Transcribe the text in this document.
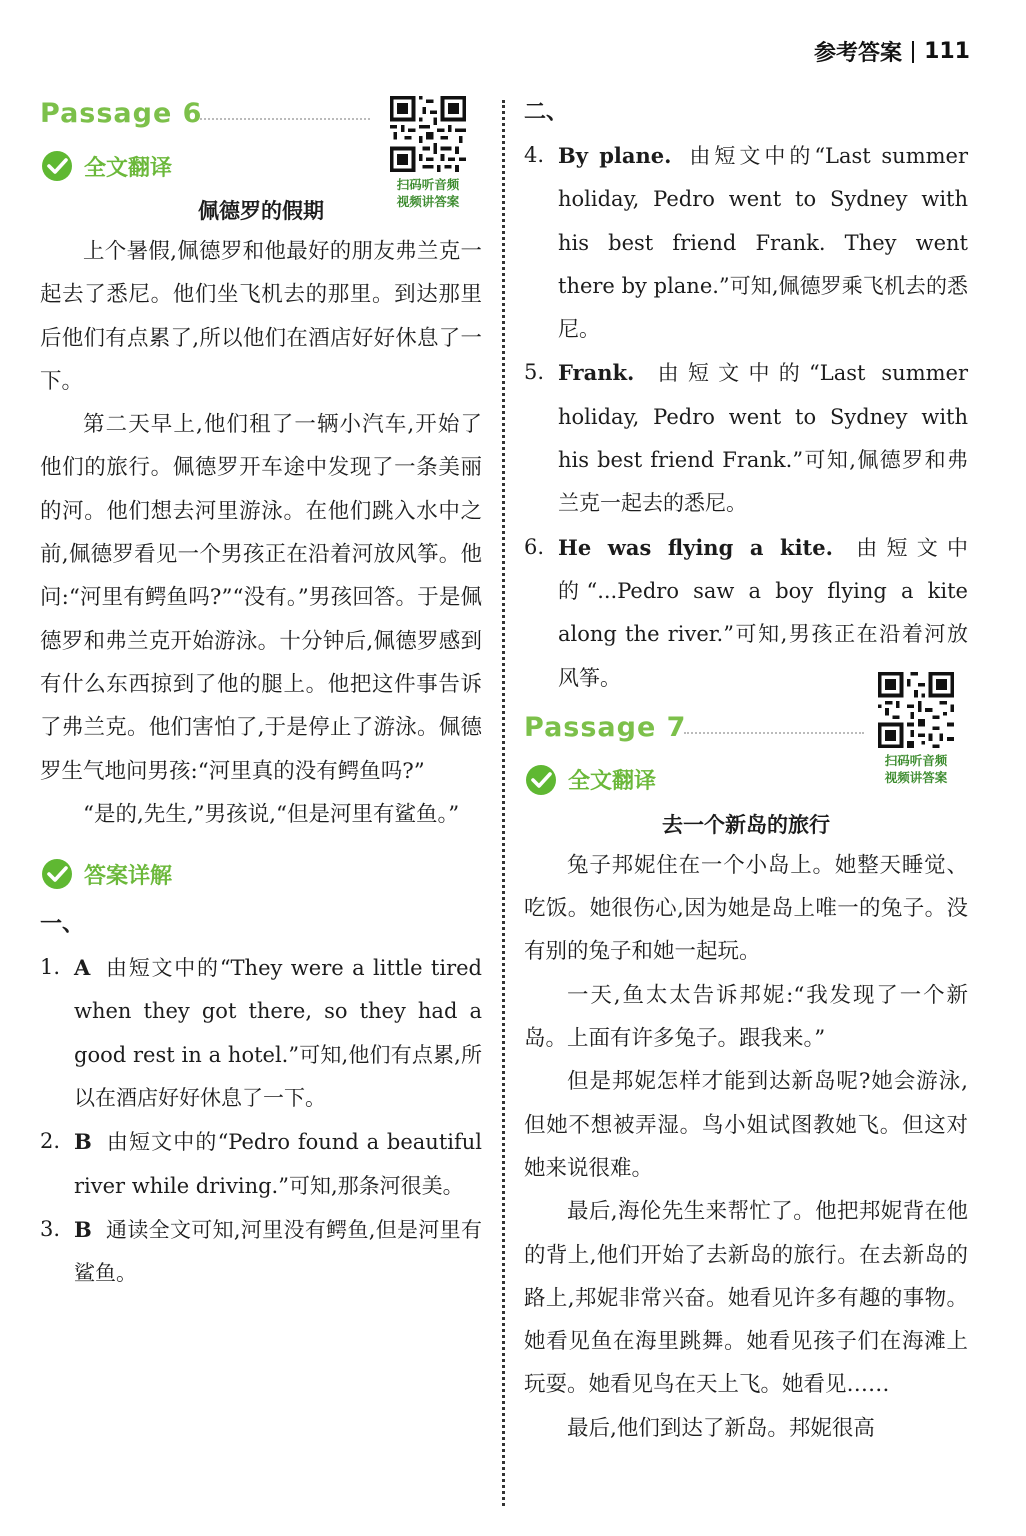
参考答案 111
Passage 6
扫码听音频
视频讲答案
全文翻译
佩德罗的假期

上个暑假,佩德罗和他最好的朋友弗兰克一起去了悉尼。他们坐飞机去的那里。到达那里后他们有点累了,所以他们在酒店好好休息了一下。

第二天早上,他们租了一辆小汽车,开始了他们的旅行。佩德罗开车途中发现了一条美丽的河。他们想去河里游泳。在他们跳入水中之前,佩德罗看见一个男孩正在沿着河放风筝。他问:“河里有鳄鱼吗?”“没有。”男孩回答。于是佩德罗和弗兰克开始游泳。十分钟后,佩德罗感到有什么东西掠到了他的腿上。他把这件事告诉了弗兰克。他们害怕了,于是停止了游泳。佩德罗生气地问男孩:“河里真的没有鳄鱼吗?”

“是的,先生,”男孩说,“但是河里有鲨鱼。”

答案详解
一、
1. A 由短文中的“They were a little tired when they got there, so they had a good rest in a hotel.”可知,他们有点累,所以在酒店好好休息了一下。
2. B 由短文中的“Pedro found a beautiful river while driving.”可知,那条河很美。
3. B 通读全文可知,河里没有鳄鱼,但是河里有鲨鱼。
二、
4. By plane. 由短文中的“Last summer holiday, Pedro went to Sydney with his best friend Frank. They went there by plane.”可知,佩德罗乘飞机去的悉尼。
5. Frank. 由短文中的“Last summer holiday, Pedro went to Sydney with his best friend Frank.”可知,佩德罗和弗兰克一起去的悉尼。
6. He was flying a kite. 由短文中的“...Pedro saw a boy flying a kite along the river.”可知,男孩正在沿着河放风筝。
Passage 7
扫码听音频
视频讲答案
全文翻译
去一个新岛的旅行

兔子邦妮住在一个小岛上。她整天睡觉、吃饭。她很伤心,因为她是岛上唯一的兔子。没有别的兔子和她一起玩。

一天,鱼太太告诉邦妮:“我发现了一个新岛。上面有许多兔子。跟我来。”

但是邦妮怎样才能到达新岛呢?她会游泳,但她不想被弄湿。鸟小姐试图教她飞。但这对她来说很难。

最后,海伦先生来帮忙了。他把邦妮背在他的背上,他们开始了去新岛的旅行。在去新岛的路上,邦妮非常兴奋。她看见许多有趣的事物。她看见鱼在海里跳舞。她看见孩子们在海滩上玩耍。她看见鸟在天上飞。她看见……

最后,他们到达了新岛。邦妮很高
